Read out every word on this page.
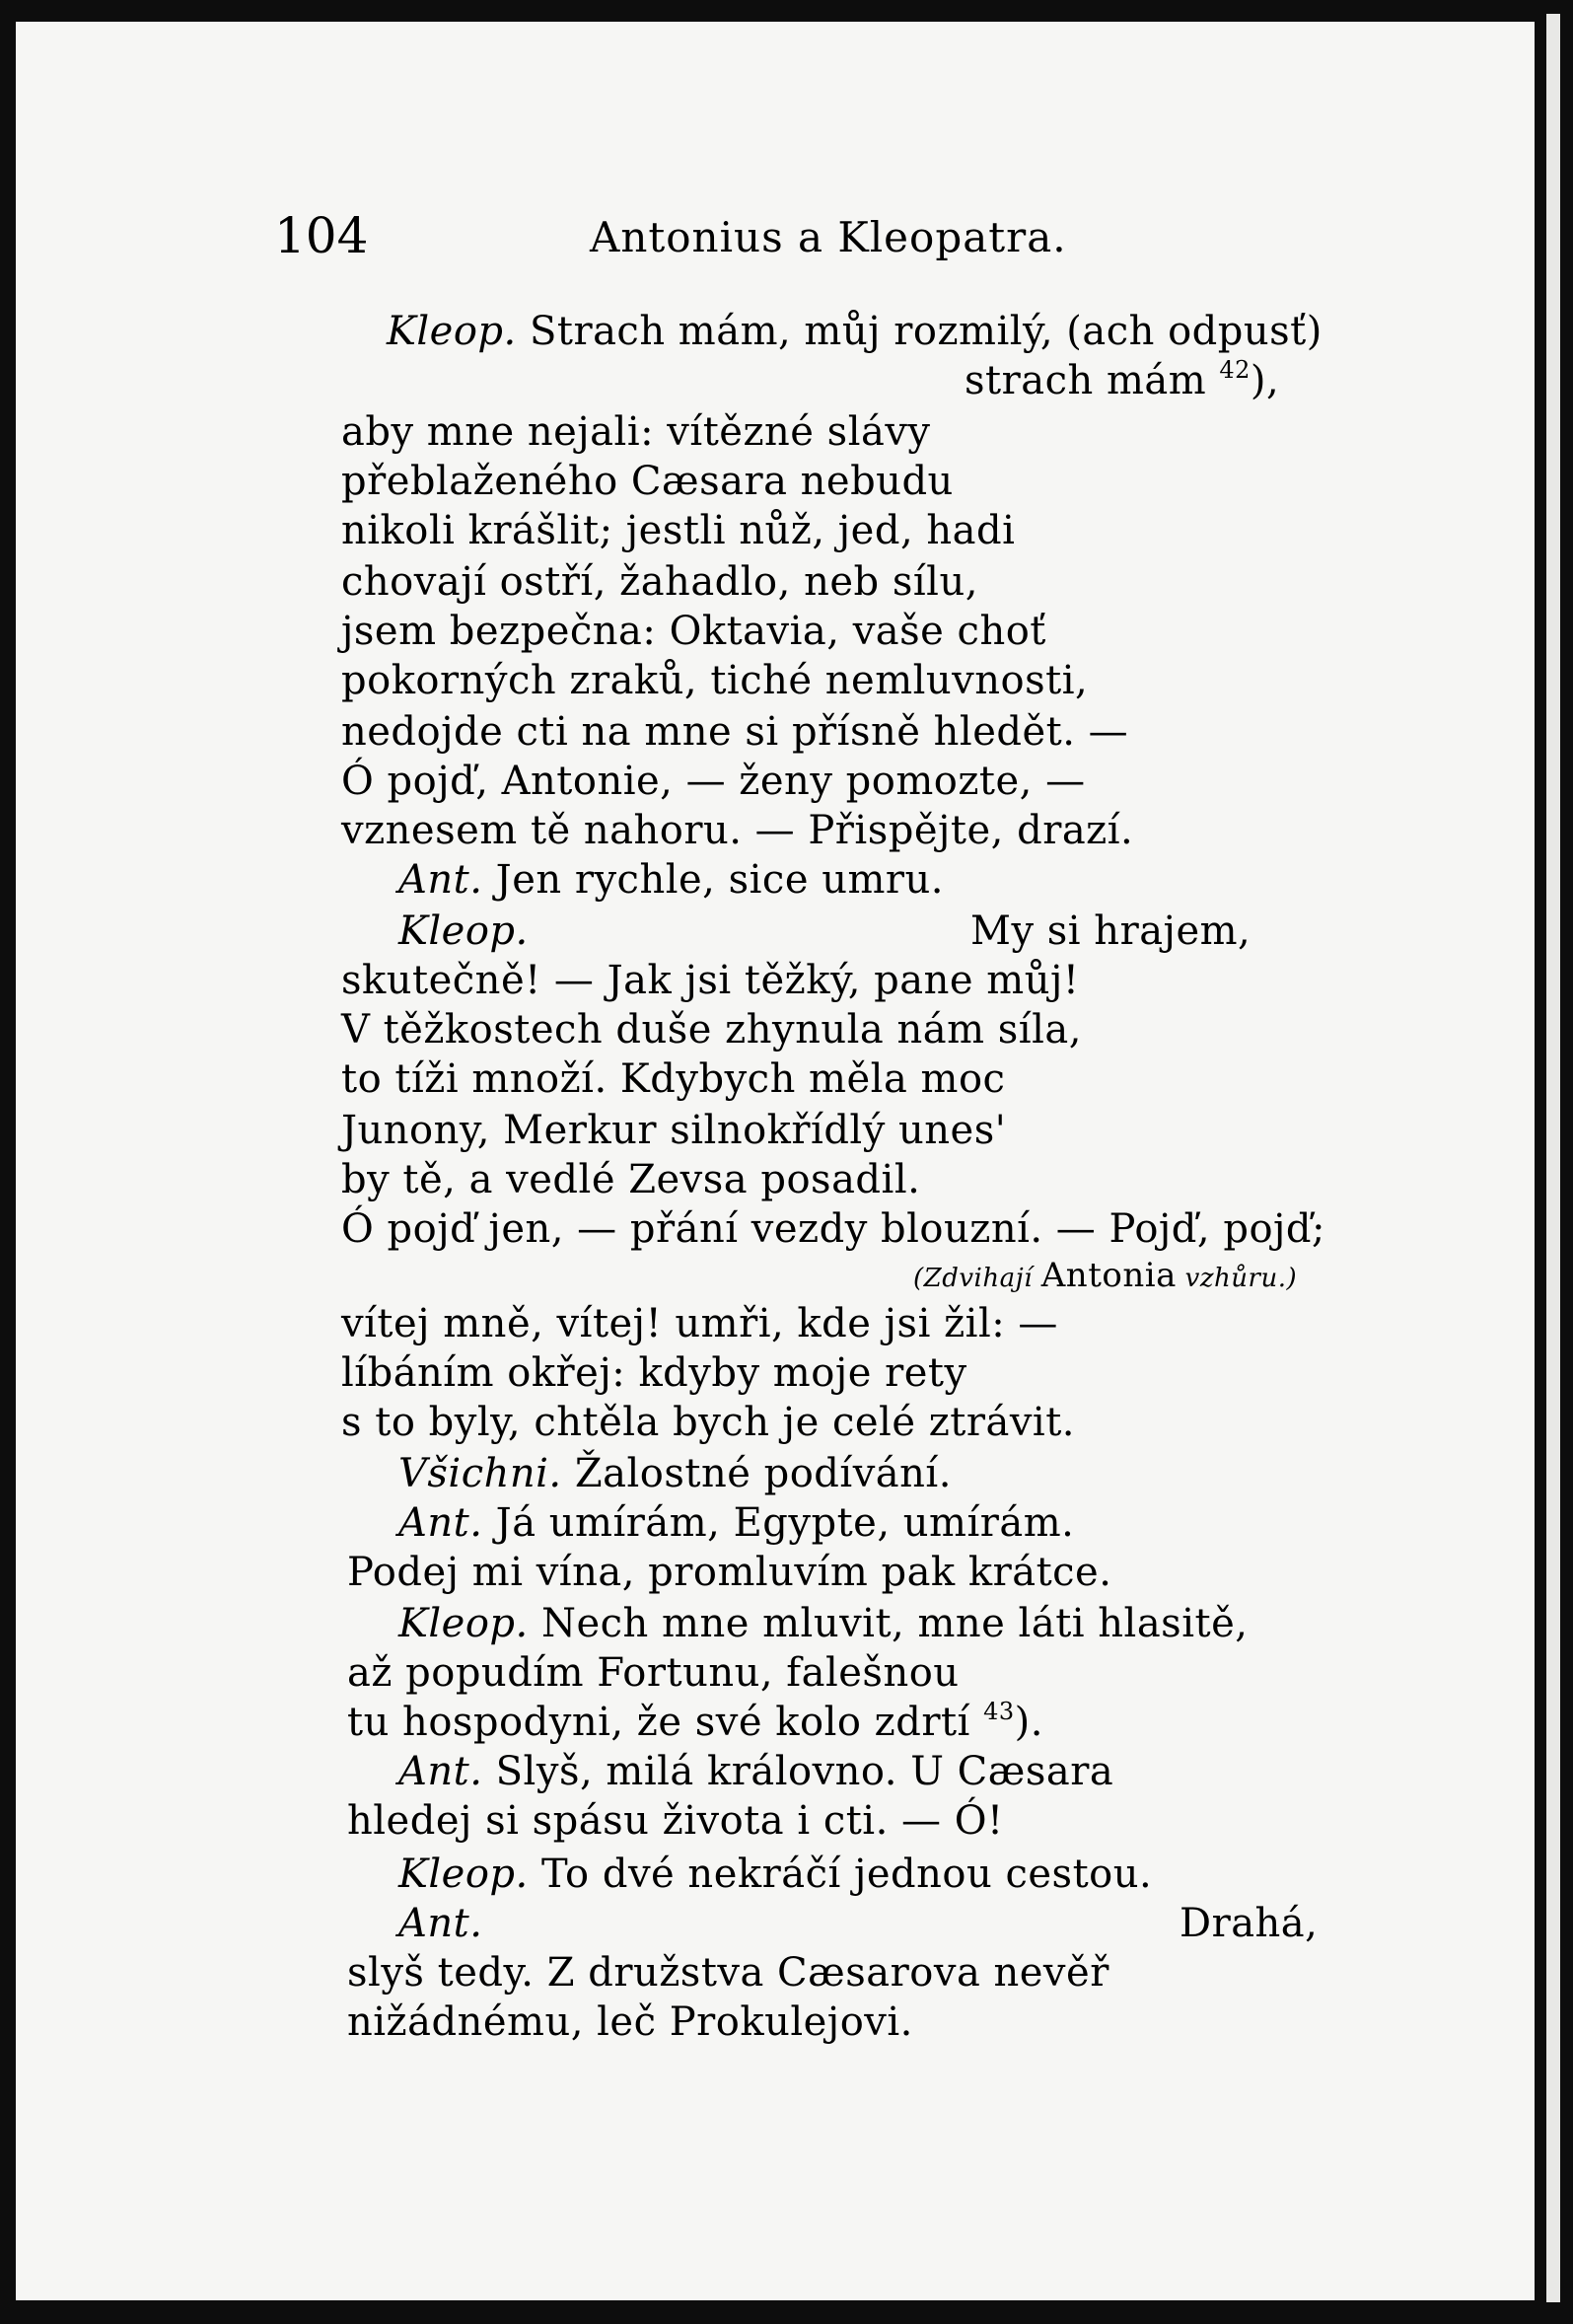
104	Antonius a Kleopatra.
Kleop. Strach mám, můj rozmilý, (ach odpusť)
strach mám $^{42}$),
aby mne nejali: vítězné slávy
přeblaženého Cæsara nebudu
nikoli krášlit; jestli nůž, jed, hadi
chovají ostří, žahadlo, neb sílu,
jsem bezpečna: Oktavia, vaše choť
pokorných zraků, tiché nemluvnosti,
nedojde cti na mne si přísně hledět. —
Ó pojď, Antonie, — ženy pomozte, —
vznesem tě nahoru. — Přispějte, drazí.
Ant. Jen rychle, sice umru.
Kleop.	My si hrajem,
skutečně! — Jak jsi těžký, pane můj!
V těžkostech duše zhynula nám síla,
to tíži množí. Kdybych měla moc
Junony, Merkur silnokřídlý unes'
by tě, a vedlé Zevsa posadil.
Ó pojď jen, — přání vezdy blouzní. — Pojď, pojď;
(Zdvihají Antonia vzhůru.)
vítej mně, vítej! umři, kde jsi žil: —
líbáním okřej: kdyby moje rety
s to byly, chtěla bych je celé ztrávit.
Všichni. Žalostné podívání.
Ant. Já umírám, Egypte, umírám.
Podej mi vína, promluvím pak krátce.
Kleop. Nech mne mluvit, mne láti hlasitě,
až popudím Fortunu, falešnou
tu hospodyni, že své kolo zdrtí $^{43}$).
Ant. Slyš, milá královno. U Cæsara
hledej si spásu života i cti. — Ó!
Kleop. To dvé nekráčí jednou cestou.
Ant.	Drahá,
slyš tedy. Z družstva Cæsarova nevěř
nižádnému, leč Prokulejovi.
